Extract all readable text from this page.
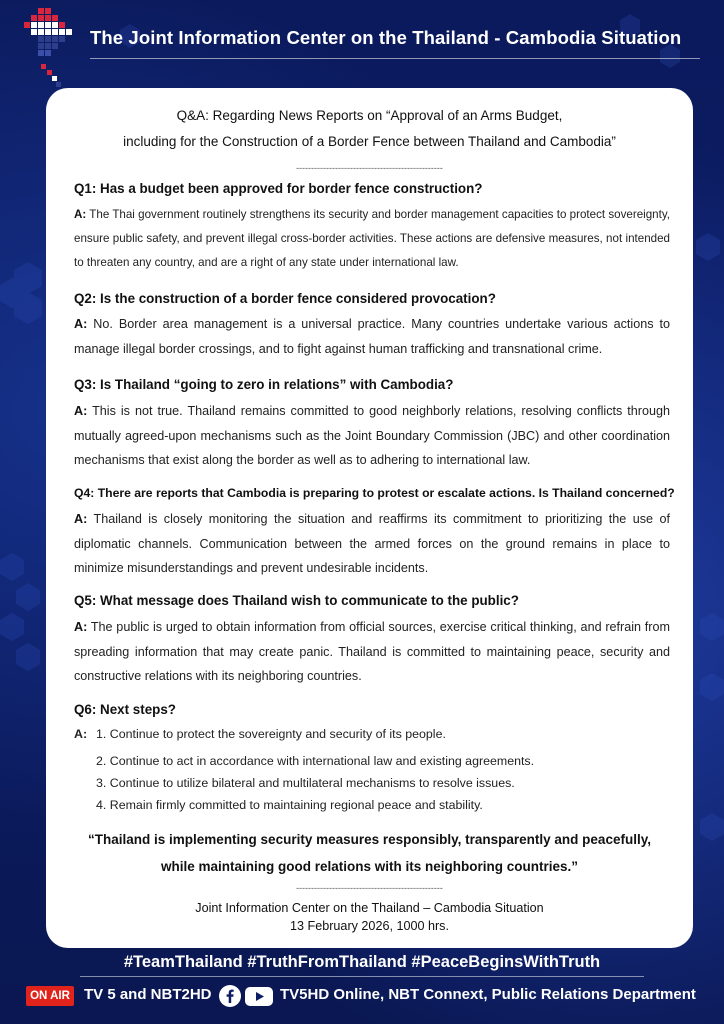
The Joint Information Center on the Thailand - Cambodia Situation
Q&A: Regarding News Reports on “Approval of an Arms Budget,
including for the Construction of a Border Fence between Thailand and Cambodia”
-------------------------------------------------
Q1: Has a budget been approved for border fence construction?
A: The Thai government routinely strengthens its security and border management capacities to protect sovereignty, ensure public safety, and prevent illegal cross-border activities. These actions are defensive measures, not intended to threaten any country, and are a right of any state under international law.
Q2: Is the construction of a border fence considered provocation?
A: No. Border area management is a universal practice. Many countries undertake various actions to manage illegal border crossings, and to fight against human trafficking and transnational crime.
Q3: Is Thailand “going to zero in relations” with Cambodia?
A: This is not true. Thailand remains committed to good neighborly relations, resolving conflicts through mutually agreed-upon mechanisms such as the Joint Boundary Commission (JBC) and other coordination mechanisms that exist along the border as well as to adhering to international law.
Q4: There are reports that Cambodia is preparing to protest or escalate actions. Is Thailand concerned?
A: Thailand is closely monitoring the situation and reaffirms its commitment to prioritizing the use of diplomatic channels. Communication between the armed forces on the ground remains in place to minimize misunderstandings and prevent undesirable incidents.
Q5: What message does Thailand wish to communicate to the public?
A: The public is urged to obtain information from official sources, exercise critical thinking, and refrain from spreading information that may create panic. Thailand is committed to maintaining peace, security and constructive relations with its neighboring countries.
Q6: Next steps?
A: 1. Continue to protect the sovereignty and security of its people.
2. Continue to act in accordance with international law and existing agreements.
3. Continue to utilize bilateral and multilateral mechanisms to resolve issues.
4. Remain firmly committed to maintaining regional peace and stability.
“Thailand is implementing security measures responsibly, transparently and peacefully,
while maintaining good relations with its neighboring countries.”
-------------------------------------------------
Joint Information Center on the Thailand – Cambodia Situation
13 February 2026, 1000 hrs.
#TeamThailand #TruthFromThailand #PeaceBeginsWithTruth
ON AIR TV 5 and NBT2HD	TV5HD Online, NBT Connext, Public Relations Department
